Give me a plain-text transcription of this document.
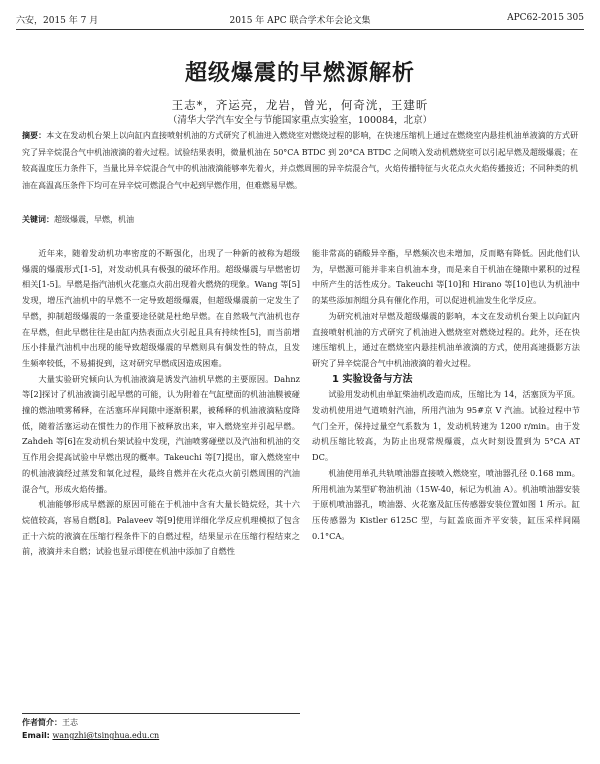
六安，2015 年 7 月	2015 年 APC 联合学术年会论文集	APC62-2015 305
超级爆震的早燃源解析
王志*，齐运亮，龙岩，曾光，何奇洸，王建昕
（清华大学汽车安全与节能国家重点实验室，100084，北京）
摘要：本文在发动机台架上以向缸内直接喷射机油的方式研究了机油进入燃烧室对燃烧过程的影响，在快速压缩机上通过在燃烧室内悬挂机油单液滴的方式研究了异辛烷混合气中机油液滴的着火过程。试验结果表明，微量机油在 50°CA BTDC 到 20°CA BTDC 之间喷入发动机燃烧室可以引起早燃及超级爆震；在较高温度压力条件下，当量比异辛烷混合气中的机油液滴能够率先着火，并点燃周围的异辛烷混合气，火焰传播特征与火花点火火焰传播接近；不同种类的机油在高温高压条件下均可在异辛烷可燃混合气中起到早燃作用，但难燃易早燃。
关键词：超级爆震，早燃，机油

近年来，随着发动机功率密度的不断强化，出现了一种新的被称为超级爆震的爆震形式[1-5]，对发动机具有极强的破坏作用。超级爆震与早燃密切相关[1-5]。早燃是指汽油机火花塞点火前出现着火燃烧的现象。Wang 等[5]发现，增压汽油机中的早燃不一定导致超级爆震，但超级爆震前一定发生了早燃，抑制超级爆震的一条重要途径就是杜绝早燃。在自然吸气汽油机也存在早燃，但此早燃往往是由缸内热表面点火引起且具有持续性[5]，而当前增压小排量汽油机中出现的能导致超级爆震的早燃则具有偶发性的特点，且发生频率较低，不易捕捉到，这对研究早燃成因造成困难。

大量实验研究倾向认为机油液滴是诱发汽油机早燃的主要原因。Dahnz 等[2]探讨了机油液滴引起早燃的可能，认为附着在气缸壁面的机油油膜被碰撞的燃油喷雾稀释，在活塞环岸间隙中逐渐积累，被稀释的机油液滴粘度降低，随着活塞运动在惯性力的作用下被释放出来，审入燃烧室并引起早燃。Zahdeh 等[6]在发动机台架试验中发现，汽油喷雾碰壁以及汽油和机油的交互作用会提高试验中早燃出现的概率。Takeuchi 等[7]提出，窜入燃烧室中的机油液滴经过蒸发和氧化过程，最终自燃并在火花点火前引燃周围的汽油混合气，形成火焰传播。

机油能够形成早燃源的原因可能在于机油中含有大量长链烷烃，其十六烷值较高，容易自燃[8]。Palaveev 等[9]使用详细化学反应机理模拟了包含正十六烷的液滴在压缩行程条件下的自燃过程，结果显示在压缩行程结束之前，液滴并未自燃；试验也显示即使在机油中添加了自燃性

能非常高的硝酸异辛酯，早燃频次也未增加，反而略有降低。因此他们认为，早燃源可能并非来自机油本身，而是来自于机油在缝隙中累积的过程中所产生的活性成分。Takeuchi 等[10]和 Hirano 等[10]也认为机油中的某些添加剂组分具有催化作用，可以促进机油发生化学反应。

为研究机油对早燃及超级爆震的影响，本文在发动机台架上以向缸内直接喷射机油的方式研究了机油进入燃烧室对燃烧过程的。此外，还在快速压缩机上，通过在燃烧室内悬挂机油单液滴的方式，使用高速摄影方法研究了异辛烷混合气中机油液滴的着火过程。

1 实验设备与方法

试验用发动机由单缸柴油机改造而成，压缩比为 14，活塞顶为平顶。发动机使用进气道喷射汽油，所用汽油为 95#京 V 汽油。试验过程中节气门全开，保持过量空气系数为 1，发动机转速为 1200 r/min。由于发动机压缩比较高，为防止出现常规爆震，点火时刻设置到为 5°CA AT DC。

机油使用单孔共轨喷油器直接喷入燃烧室，喷油器孔径 0.168 mm。所用机油为某型矿物油机油（15W-40，标记为机油 A）。机油喷油器安装于原机喷油器孔，喷油器、火花塞及缸压传感器安装位置如图 1 所示。缸压传感器为 Kistler 6125C 型，与缸盖底面齐平安装，缸压采样间隔 0.1°CA。

作者简介：王志
Email: wangzhi@tsinghua.edu.cn
